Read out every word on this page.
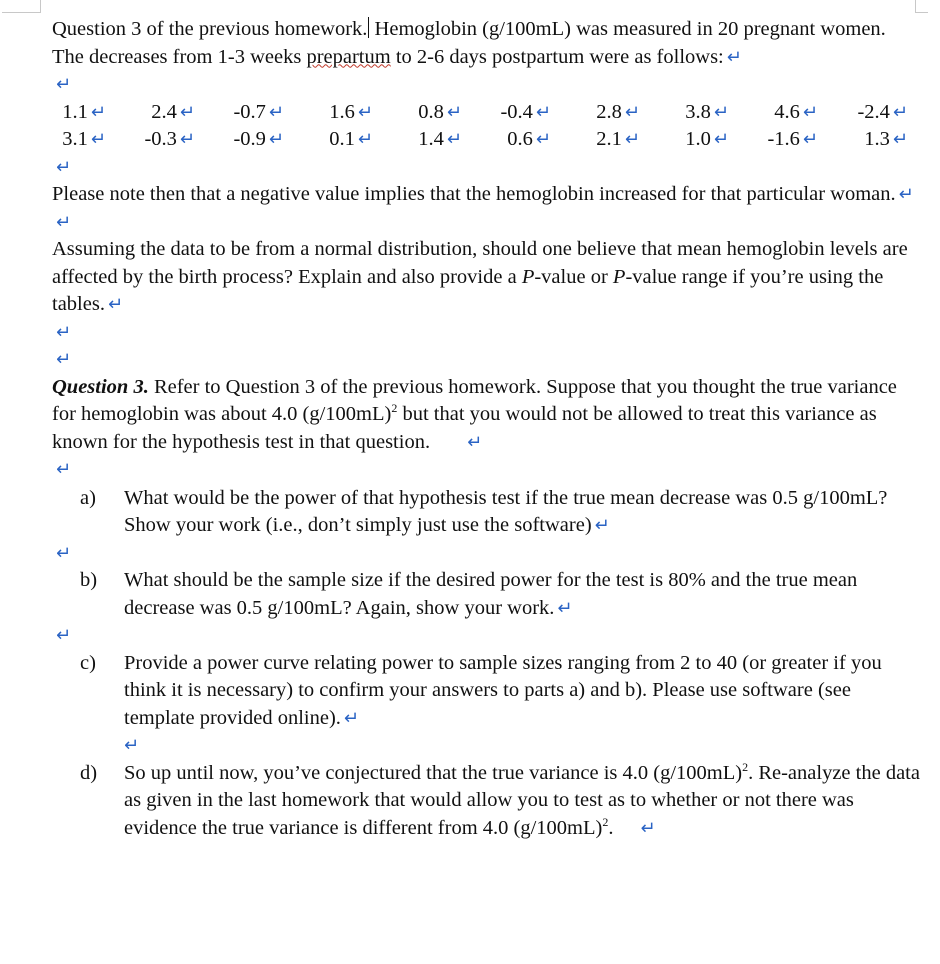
Question 3 of the previous homework. Hemoglobin (g/100mL) was measured in 20 pregnant women. The decreases from 1-3 weeks prepartum to 2-6 days postpartum were as follows: ↵

↵
1.1 ↵	2.4 ↵	-0.7 ↵	1.6 ↵	0.8 ↵	-0.4 ↵	2.8 ↵	3.8 ↵	4.6 ↵	-2.4 ↵
3.1 ↵	-0.3 ↵	-0.9 ↵	0.1 ↵	1.4 ↵	0.6 ↵	2.1 ↵	1.0 ↵	-1.6 ↵	1.3 ↵
↵

Please note then that a negative value implies that the hemoglobin increased for that particular woman. ↵

↵

Assuming the data to be from a normal distribution, should one believe that mean hemoglobin levels are affected by the birth process? Explain and also provide a P-value or P-value range if you’re using the tables. ↵

↵
↵

Question 3. Refer to Question 3 of the previous homework. Suppose that you thought the true variance for hemoglobin was about 4.0 $(g/100mL)^2$ but that you would not be allowed to treat this variance as known for the hypothesis test in that question. ↵

↵
a)	What would be the power of that hypothesis test if the true mean decrease was 0.5 g/100mL? Show your work (i.e., don’t simply just use the software) ↵
↵
b)	What should be the sample size if the desired power for the test is 80% and the true mean decrease was 0.5 g/100mL? Again, show your work. ↵
↵
c)	Provide a power curve relating power to sample sizes ranging from 2 to 40 (or greater if you think it is necessary) to confirm your answers to parts a) and b). Please use software (see template provided online). ↵
↵
d)	So up until now, you’ve conjectured that the true variance is 4.0 $(g/100mL)^2$. Re-analyze the data as given in the last homework that would allow you to test as to whether or not there was evidence the true variance is different from 4.0 $(g/100mL)^2$. ↵
